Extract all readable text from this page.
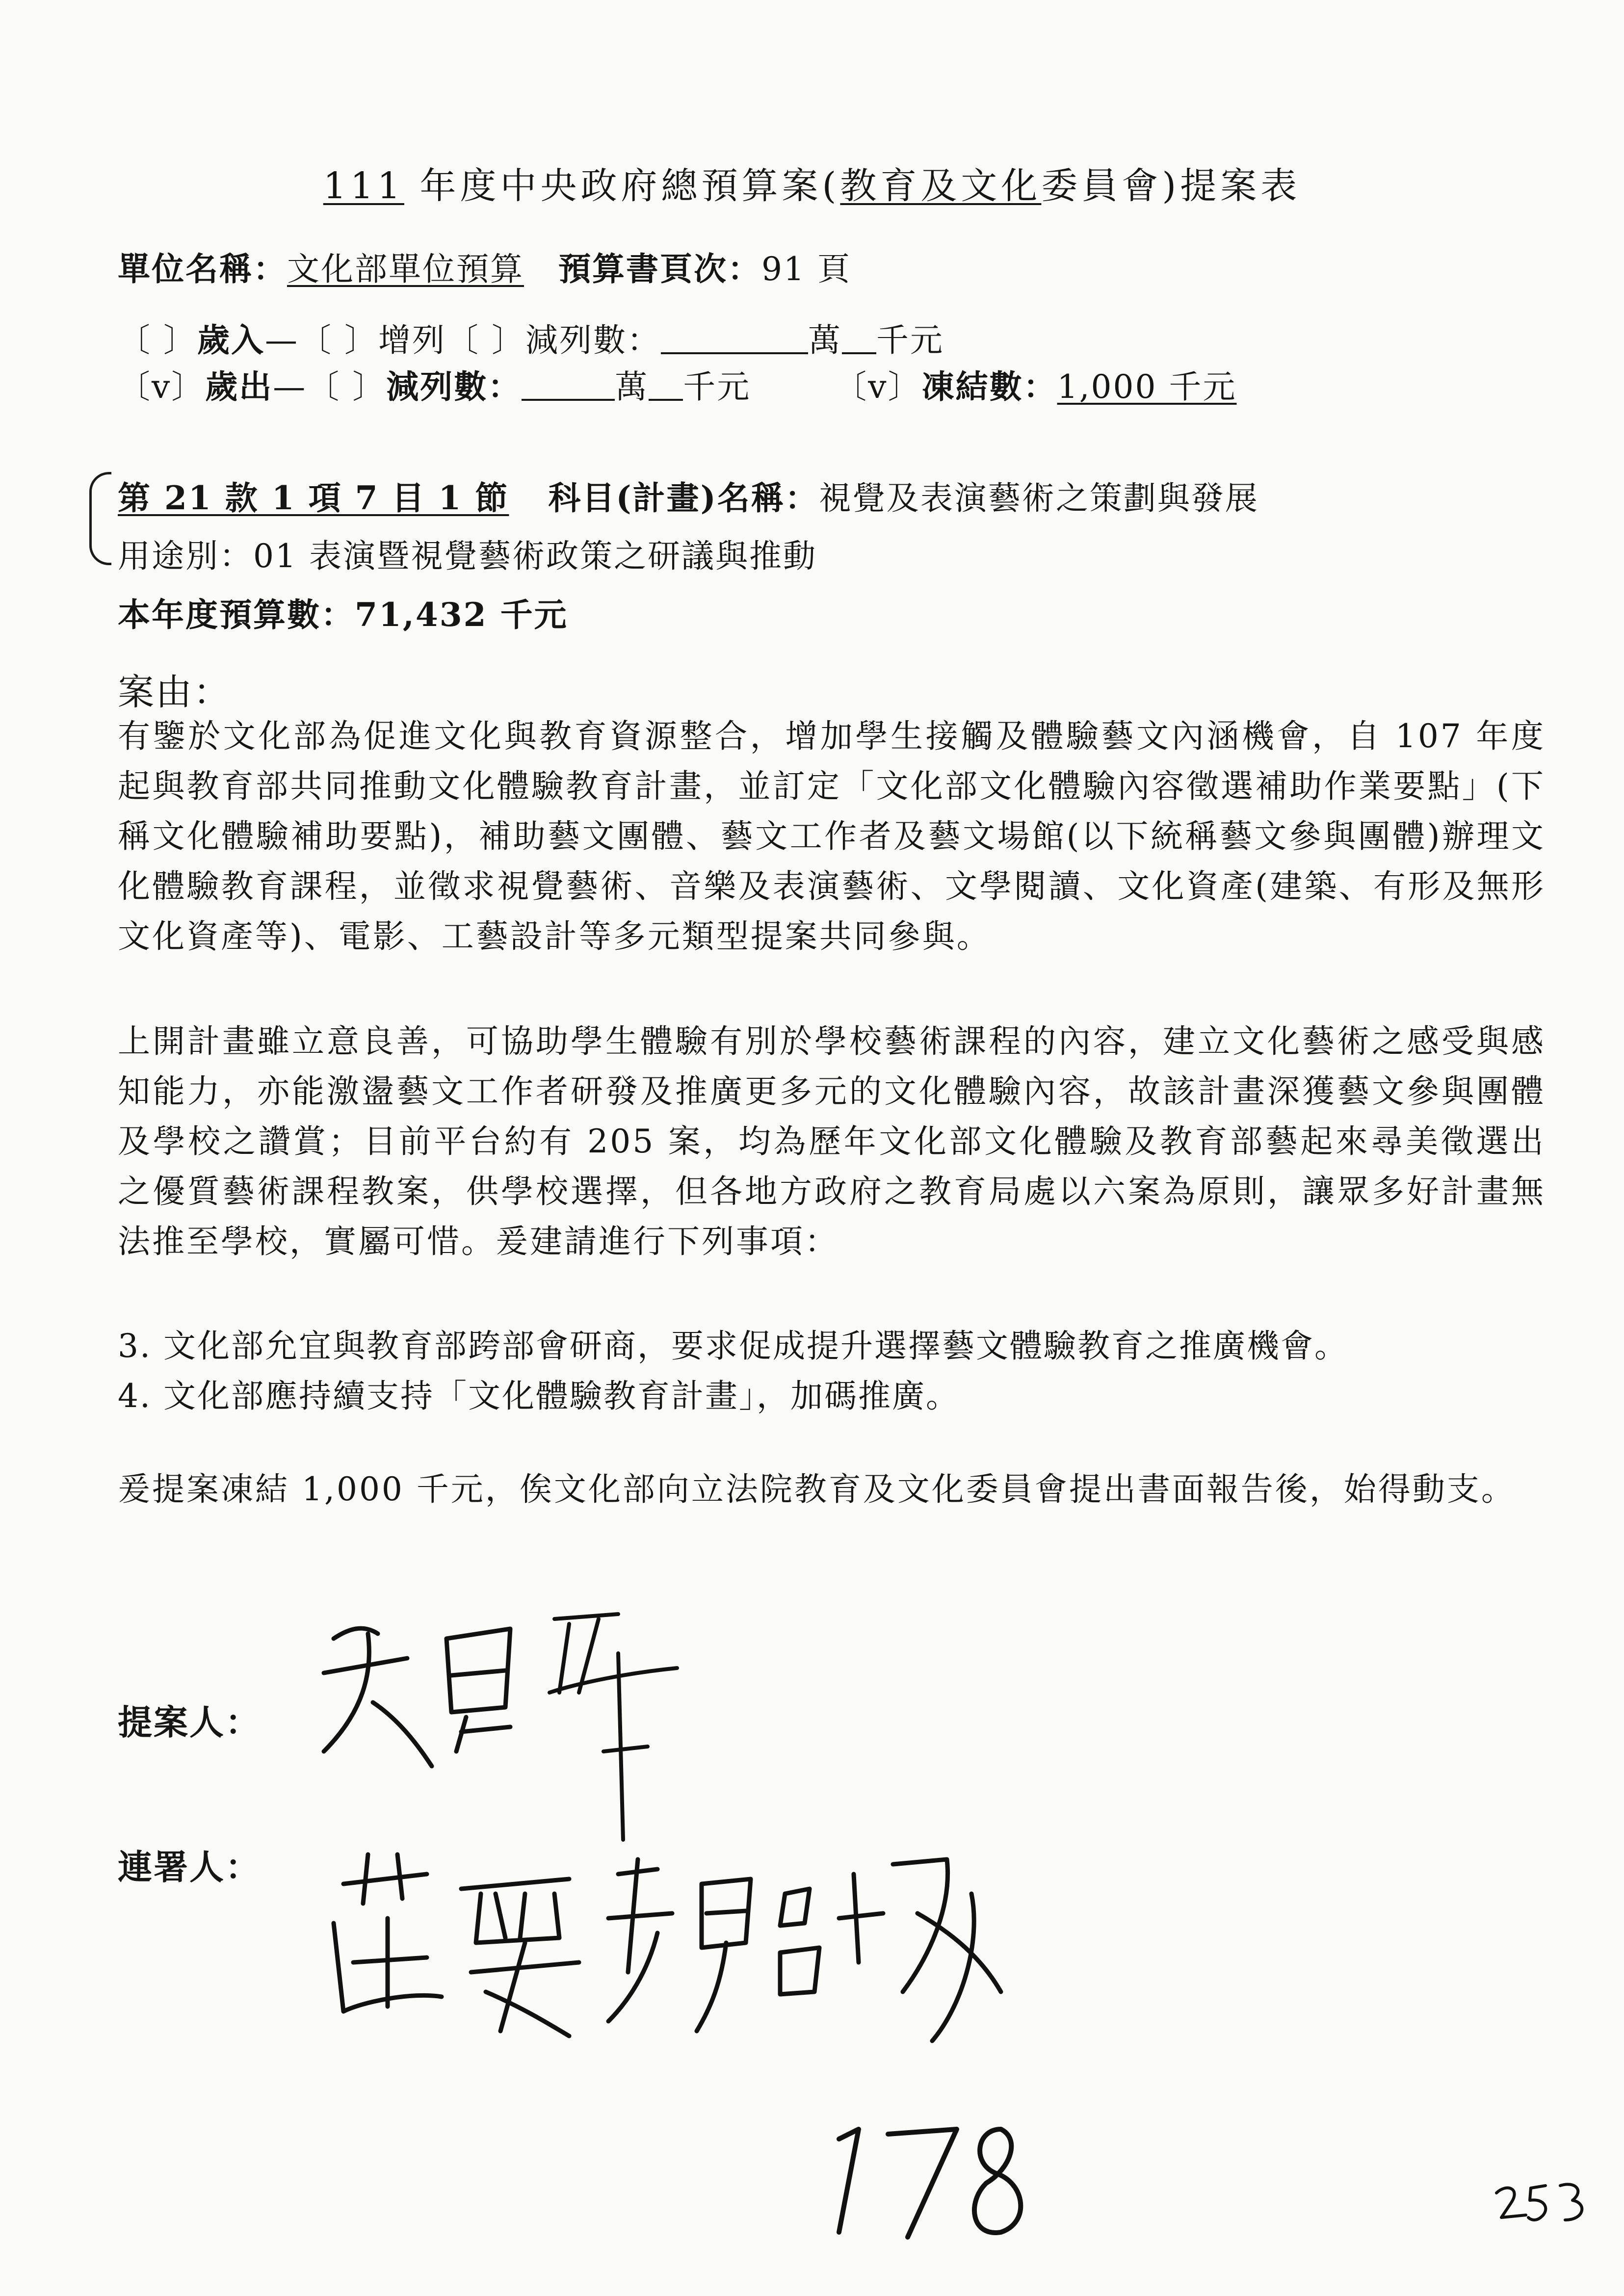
111 年度中央政府總預算案(教育及文化委員會)提案表
單位名稱：文化部單位預算 預算書頁次：91 頁
〔 〕歲入—〔 〕增列〔 〕減列數：	萬 千元
〔v〕歲出—〔 〕減列數：	萬 千元	〔v〕凍結數：1,000 千元
第 21 款 1 項 7 目 1 節 科目(計畫)名稱：視覺及表演藝術之策劃與發展
用途別：01 表演暨視覺藝術政策之研議與推動
本年度預算數：71,432 千元
案由：
有鑒於文化部為促進文化與教育資源整合，增加學生接觸及體驗藝文內涵機會，自 107 年度起與教育部共同推動文化體驗教育計畫，並訂定「文化部文化體驗內容徵選補助作業要點」(下稱文化體驗補助要點)，補助藝文團體、藝文工作者及藝文場館(以下統稱藝文參與團體)辦理文化體驗教育課程，並徵求視覺藝術、音樂及表演藝術、文學閱讀、文化資產(建築、有形及無形文化資產等)、電影、工藝設計等多元類型提案共同參與。
上開計畫雖立意良善，可協助學生體驗有別於學校藝術課程的內容，建立文化藝術之感受與感知能力，亦能激盪藝文工作者研發及推廣更多元的文化體驗內容，故該計畫深獲藝文參與團體及學校之讚賞；目前平台約有 205 案，均為歷年文化部文化體驗及教育部藝起來尋美徵選出之優質藝術課程教案，供學校選擇，但各地方政府之教育局處以六案為原則，讓眾多好計畫無法推至學校，實屬可惜。爰建請進行下列事項：
3. 文化部允宜與教育部跨部會研商，要求促成提升選擇藝文體驗教育之推廣機會。
4. 文化部應持續支持「文化體驗教育計畫」，加碼推廣。
爰提案凍結 1,000 千元，俟文化部向立法院教育及文化委員會提出書面報告後，始得動支。
提案人：
連署人：
